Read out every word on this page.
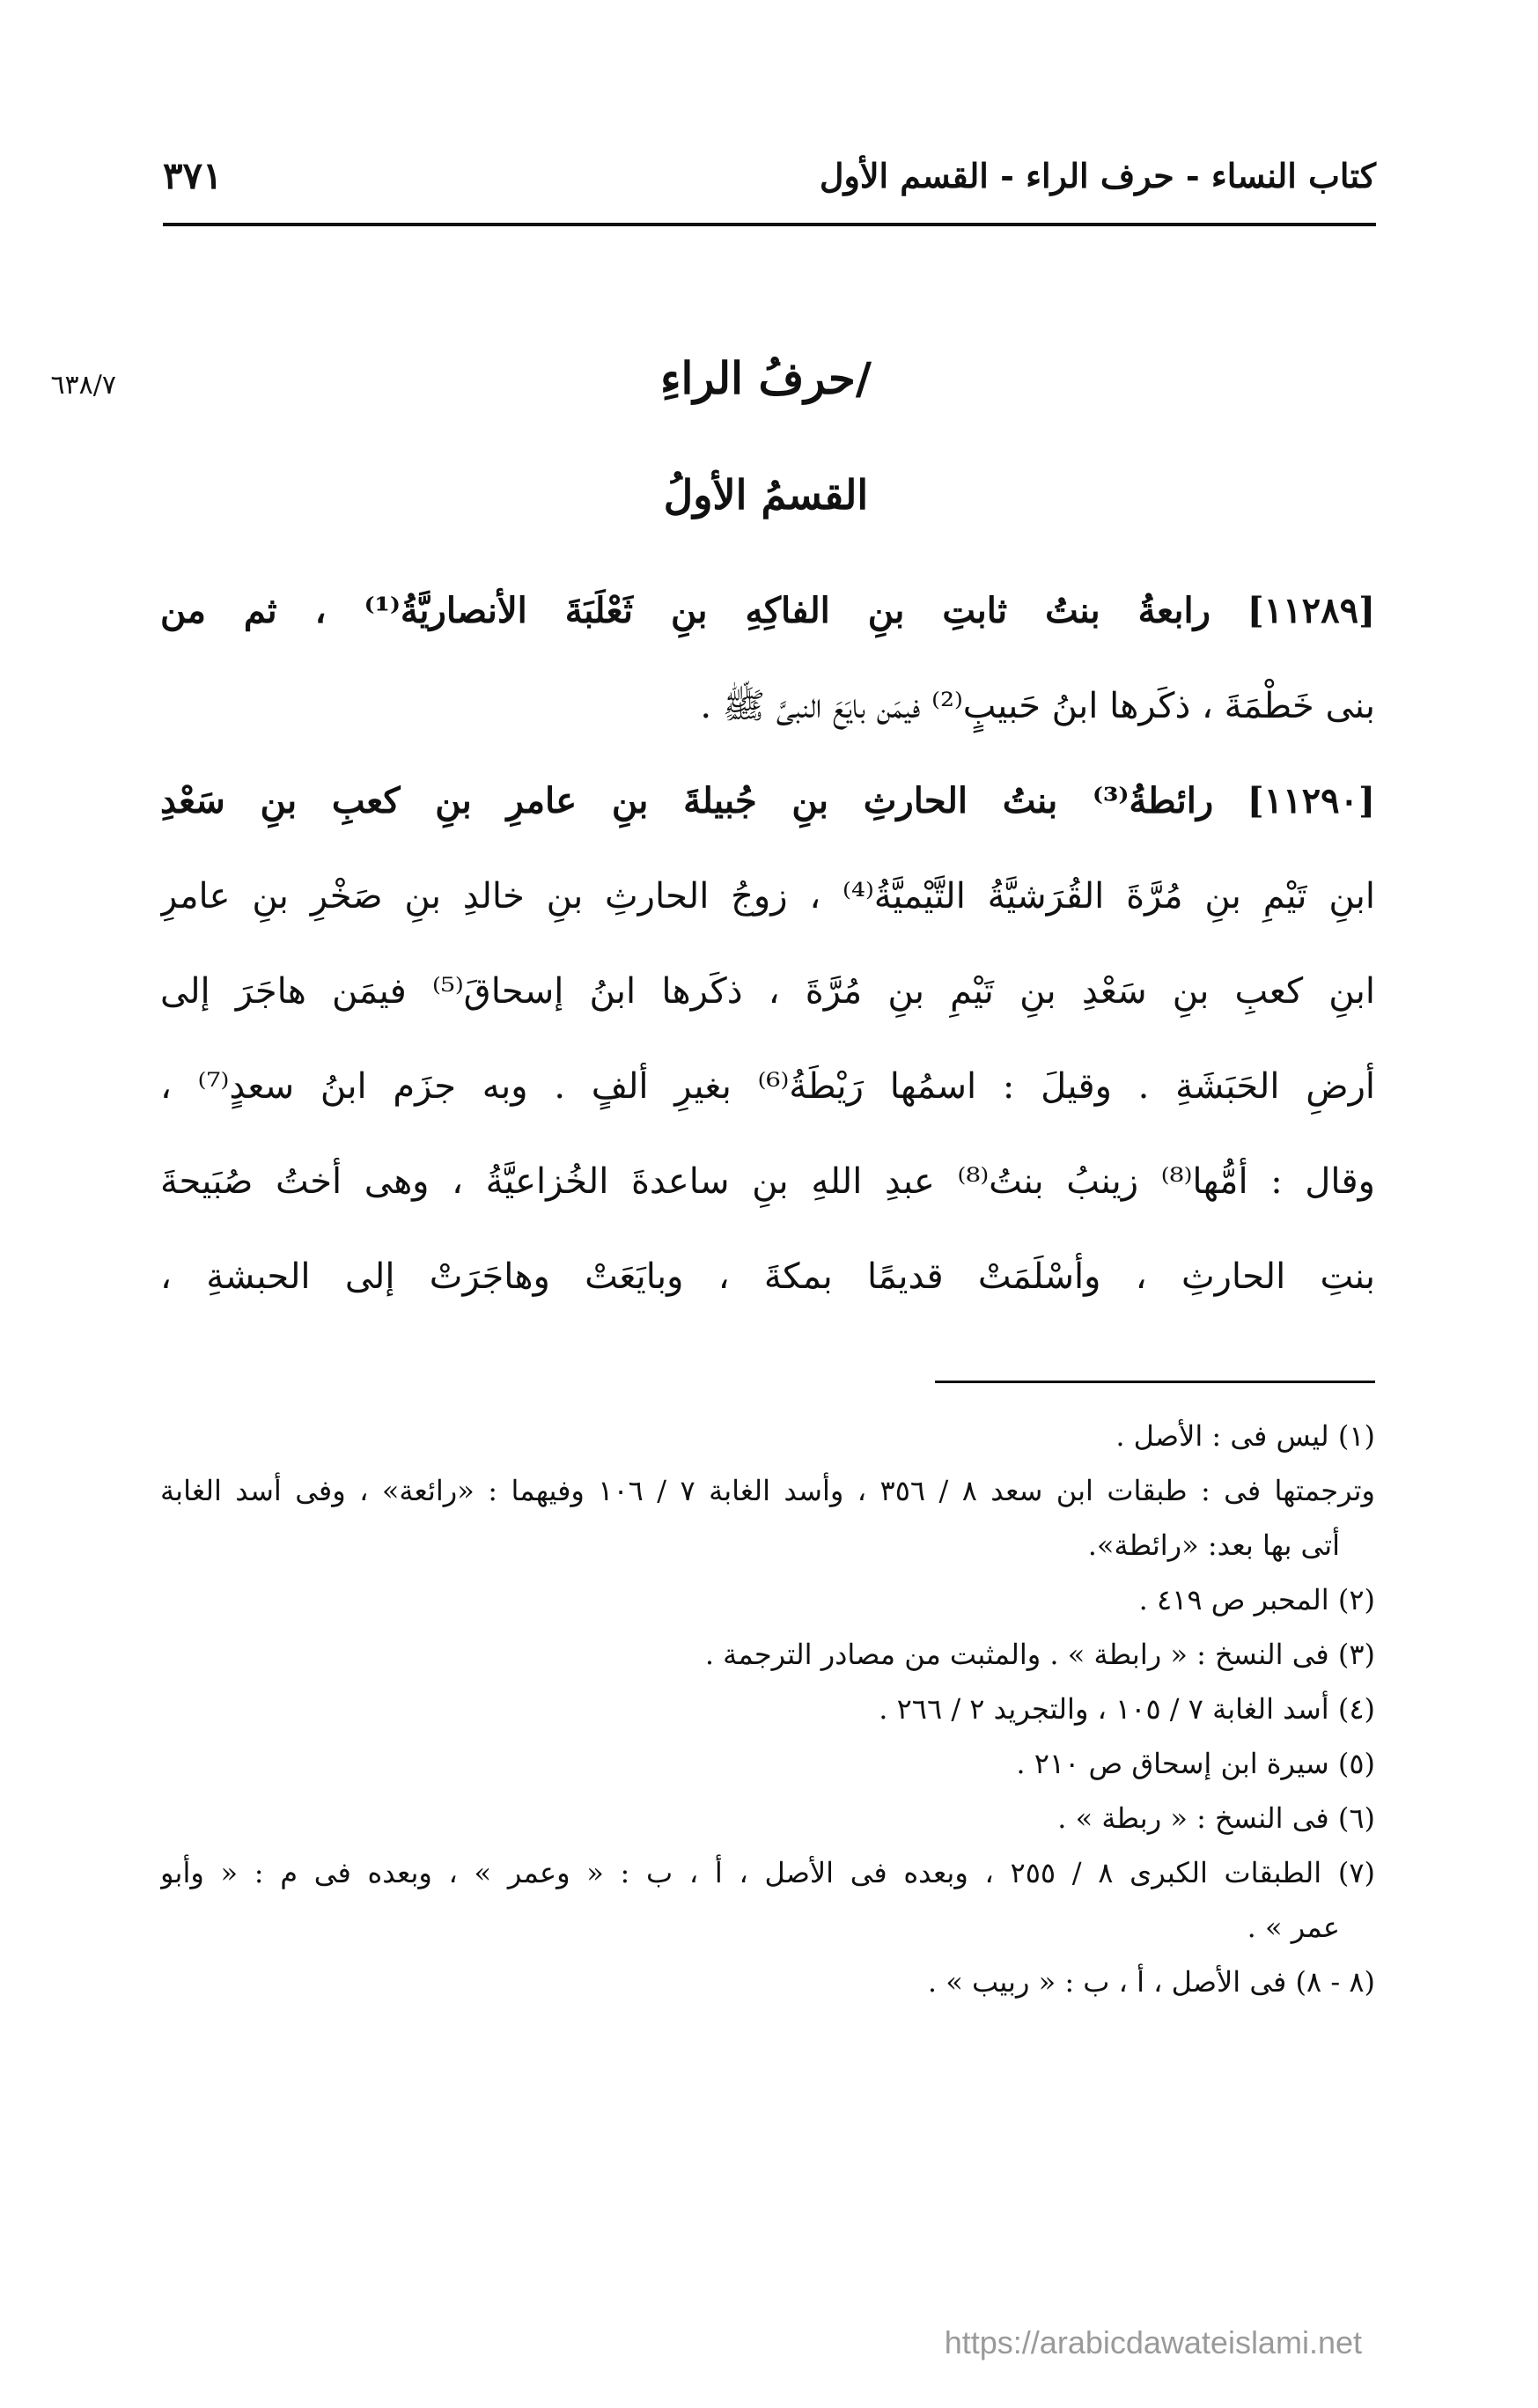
كتاب النساء - حرف الراء - القسم الأول
٣٧١
٦٣٨/٧	/حرفُ الراءِ
القسمُ الأولُ
[١١٢٨٩] رابعةُ بنتُ ثابتِ بنِ الفاكِهِ بنِ ثَعْلَبَةَ الأنصاريَّةُ⁽¹⁾ ، ثم من
بنى خَطْمَةَ ، ذكَرها ابنُ حَبيبٍ⁽²⁾ فيمَن بايَعَ النبىَّ ﷺ .
[١١٢٩٠] رائطةُ⁽³⁾ بنتُ الحارثِ بنِ جُبيلةَ بنِ عامرِ بنِ كعبِ بنِ سَعْدِ
ابنِ تَيْمِ بنِ مُرَّةَ القُرَشيَّةُ التَّيْميَّةُ⁽⁴⁾ ، زوجُ الحارثِ بنِ خالدِ بنِ صَخْرِ بنِ عامرِ
ابنِ كعبِ بنِ سَعْدِ بنِ تَيْمِ بنِ مُرَّةَ ، ذكَرها ابنُ إسحاقَ⁽⁵⁾ فيمَن هاجَرَ إلى
أرضِ الحَبَشَةِ . وقيلَ : اسمُها رَيْطَةُ⁽⁶⁾ بغيرِ ألفٍ . وبه جزَم ابنُ سعدٍ⁽⁷⁾ ،
وقال : أمُّها⁽⁸⁾ زينبُ بنتُ⁽⁸⁾ عبدِ اللهِ بنِ ساعدةَ الخُزاعيَّةُ ، وهى أختُ صُبَيحةَ
بنتِ الحارثِ ، وأسْلَمَتْ قديمًا بمكةَ ، وبايَعَتْ وهاجَرَتْ إلى الحبشةِ ،
(١) ليس فى : الأصل .
وترجمتها فى : طبقات ابن سعد ٨ / ٣٥٦ ، وأسد الغابة ٧ / ١٠٦ وفيهما : «رائعة» ، وفى أسد الغابة
أتى بها بعد: «رائطة».
(٢) المحبر ص ٤١٩ .
(٣) فى النسخ : « رابطة » . والمثبت من مصادر الترجمة .
(٤) أسد الغابة ٧ / ١٠٥ ، والتجريد ٢ / ٢٦٦ .
(٥) سيرة ابن إسحاق ص ٢١٠ .
(٦) فى النسخ : « ربطة » .
(٧) الطبقات الكبرى ٨ / ٢٥٥ ، وبعده فى الأصل ، أ ، ب : « وعمر » ، وبعده فى م : « وأبو
عمر » .
(٨ - ٨) فى الأصل ، أ ، ب : « ربيب » .
https://arabicdawateislami.net
